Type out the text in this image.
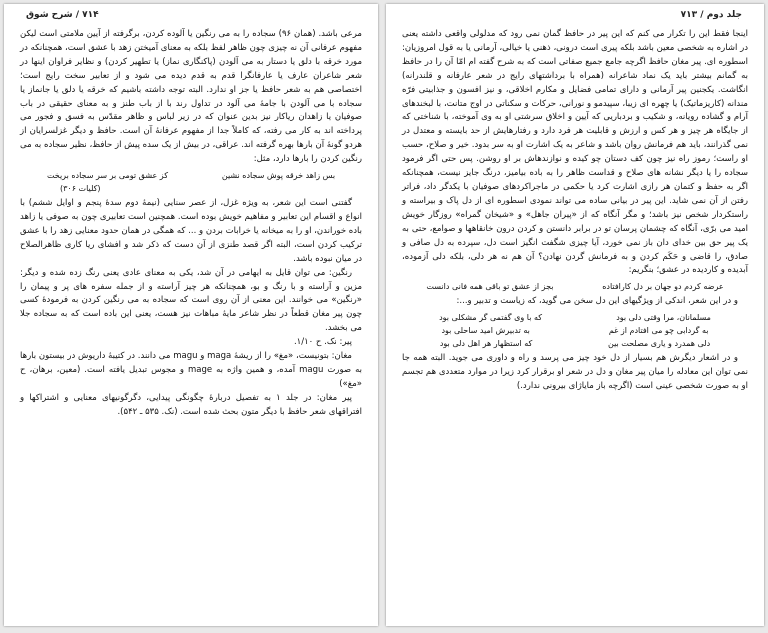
۷۱۴ / شرح شوق

مرعی باشد. (همان ۹۶) سجاده را به می رنگین یا آلوده کردن، برگرفته از آیین ملامتی است لیکن مفهوم عرفانی آن نه چیزی چون ظاهر لفظ بلکه به معنای آمیختن زهد با عشق است، همچنانکه در مورد خرقه با دلق یا دستار به می آلودن (پاکنگاری نماز) یا تطهیر کردن) و نظایر فراوان اینها در شعر شاعران عارف یا عارفانگرا قدم به قدم دیده می شود و از تعابیر سخت رایج است؛ اختصاصی هم به شعر حافظ یا جز او ندارد. البته توجه داشته باشیم که خرقه یا دلق یا جانماز یا سجاده با می آلودن با جامهٔ می آلود در تداول رند با از باب طنز و به معنای حقیقی در باب صوفیان یا زاهدان ریاکار نیز بدین عنوان که در زیر لباس و ظاهر مقدّس به فسق و فجور می پرداخته اند به کار می رفته، که کاملاً جدا از مفهوم عرفانهٔ آن است. حافظ و دیگر غزلسرایان از هردو گونهٔ آن بارها بهره گرفته اند. عراقی، در بیش از یک سده پیش از حافظ، نظیر سجاده به می رنگین کردن را بارها دارد، مثل:

بس زاهد خرقه پوش سجاده نشین
کز عشق تومی بر سر سجاده بریخت
(کلیات ۳۰۶)

گفتنی است این شعر، به ویژه غزل، از عصر سنایی (نیمهٔ دوم سدهٔ پنجم و اوایل ششم) با انواع و اقسام این تعابیر و مفاهیم خویش بوده است. همچنین است تعابیری چون به صوفی یا زاهد باده خوراندن، او را به میخانه یا خرابات بردن و ... که همگی در همان حدود معنایی زهد را با عشق ترکیب کردن است، البته اگر قصد طنزی از آن دست که ذکر شد و افشای ریا کاری ظاهرالصلاح در میان نبوده باشد.

رنگین: می توان قایل به ایهامی در آن شد، یکی به معنای عادی یعنی رنگ زده شده و دیگر: مزین و آراسته و با رنگ و بو، همچنانکه هر چیز آراسته و از جمله سفره های پر و پیمان را «رنگین» می خوانند. این معنی از آن روی است که سجاده به می رنگین کردن به فرمودهٔ کسی چون پیر مغان قطعاً در نظر شاعر مایهٔ مباهات نیز هست، یعنی این باده است که به سجاده جلا می بخشد.

پیر: نک. ح ۱/۱۰.

مغان: بتونیست، «مغ» را از ریشهٔ maga و magu می دانند. در کتیبهٔ داریوش در بیستون بارها به صورت magu آمده، و همین واژه به mage و مجوس تبدیل یافته است. (معین، برهان، ح «مغ»)

پیر مغان: در جلد ۱ به تفصیل دربارهٔ چگونگی پیدایی، دگرگونیهای معنایی و اشتراکها و افتراقهای شعر حافظ با دیگر متون بحث شده است. (نک. ۵۳۵ ـ ۵۴۲).

جلد دوم / ۷۱۳

اینجا فقط این را تکرار می کنم که این پیر در حافظ گمان نمی رود که مدلولی واقعی داشته یعنی در اشاره به شخصی معین باشد بلکه پیری است درونی، ذهنی یا خیالی، آرمانی یا به قول امروزیان: اسطوره ای. پیر مغان حافظ اگرچه جامع جمیع صفاتی است که به شرح گفته ام امّا آن را در حافظ به گمانم بیشتر باید یک نماد شاعرانه (همراه با برداشتهای رایج در شعر عارفانه و قلندرانه) انگاشت. یکجنین پیر آرمانی و دارای تمامی فضایل و مکارم اخلاقی، و نیز افسون و جذابیتی فرّه مندانه (کاریزماتیک) یا چهره ای زیبا، سپیدمو و نورانی، حرکات و سکناتی در اوج متانت، با لبخندهای آرام و گشاده رویانه، و شکیب و بردباریی که آیین و اخلاق سرشتی او به وی آموخته، با شناختی که از جایگاه هر چیز و هر کس و ارزش و قابلیت هر فرد دارد و رفتارهایش از حد بایسته و معتدل در نمی گذرانند، باید هم فرمانش روان باشد و شاعر به یک اشارت او به سر بدود. خیر و صلاح، حسب او راست؛ رموز راه نیز چون کف دستان چو کیده و نوازندهاش بر او روشن. پس حتی اگر فرمود سجاده را یا دیگر نشانه های صلاح و قداست ظاهر را به باده بیامیز، درنگ جایز نیست، همچنانکه اگر به حفظ و کتمان هر رازی اشارت کرد یا حکمی در ماجراکردهای صوفیان با یکدگر داد، فراتر رفتن از آن نمی شاید. این پیر در بیانی ساده می تواند نمودی اسطوره ای از دل پاک و بیراسته و راستکردار شخص نیز باشد؛ و مگر آنگاه که از «پیران جاهل» و «شیخان گمراه» روزگار خویش امید می برّی، آنگاه که چشمان پرسان تو در برابر دانستن و کردن درون خانقاهها و صوامع، حتی به یک پیر حق بین خدای دان باز نمی خورد، آیا چیزی شگفت انگیز است دل، سپرده به دل صافی و صادق، را قاضی و حَکَم کردن و به فرمانش گردن نهادن؟ آن هم نه هر دلی، بلکه دلی آزموده، آبدیده و کاردیده در عشق؛ بنگریم:

عرضه کردم دو جهان بر دل کارافتاده
بجز از عشق تو باقی همه فانی دانست

و در این شعر، اندکی از ویژگیهای این دل سخن می گوید، که زیاست و تدبیر و...:

مسلمانان، مرا وقتی دلی بود
که با وی گفتمی گر مشکلی بود
به گردابی چو می افتادم از غم
به تدبیرش امید ساحلی بود
دلی همدرد و یاری مصلحت بین
که استظهار هر اهل دلی بود

و در اشعار دیگرش هم بسیار از دل خود چیز می پرسد و راه و داوری می جوید. البته همه جا نمی توان این معادله را میان پیر مغان و دل در شعر او برقرار کرد زیرا در موارد متعددی هم تجسم او به صورت شخصی عینی است (اگرچه باز مایاژای بیرونی ندارد.)
